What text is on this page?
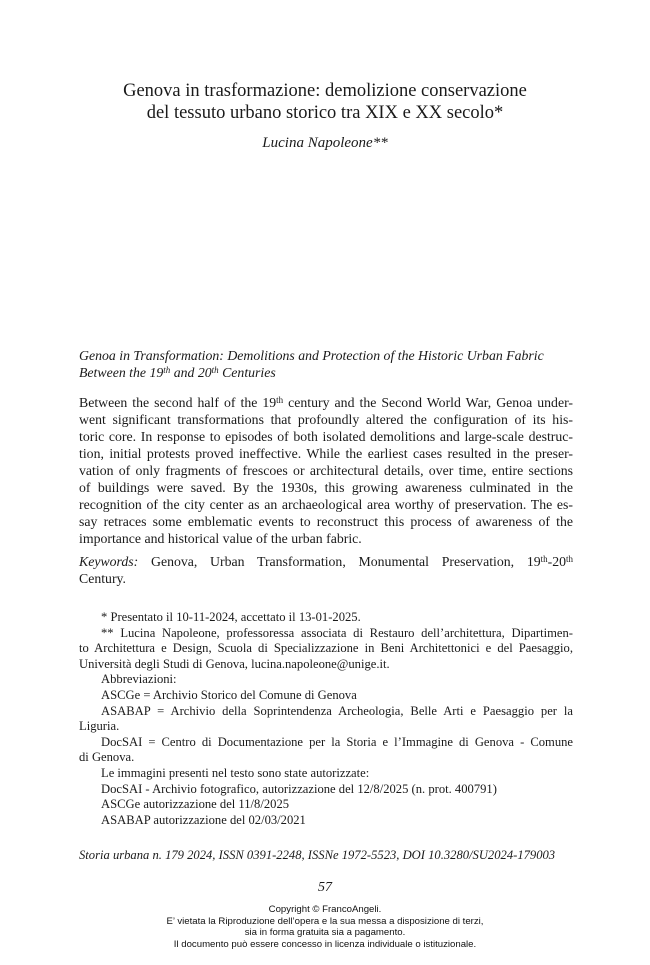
Genova in trasformazione: demolizione conservazione
del tessuto urbano storico tra XIX e XX secolo*
Lucina Napoleone**
Genoa in Transformation: Demolitions and Protection of the Historic Urban Fabric
Between the 19th and 20th Centuries
Between the second half of the 19th century and the Second World War, Genoa under-
went significant transformations that profoundly altered the configuration of its his-
toric core. In response to episodes of both isolated demolitions and large-scale destruc-
tion, initial protests proved ineffective. While the earliest cases resulted in the preser-
vation of only fragments of frescoes or architectural details, over time, entire sections
of buildings were saved. By the 1930s, this growing awareness culminated in the
recognition of the city center as an archaeological area worthy of preservation. The es-
say retraces some emblematic events to reconstruct this process of awareness of the
importance and historical value of the urban fabric.
Keywords: Genova, Urban Transformation, Monumental Preservation, 19th-20th
Century.
* Presentato il 10-11-2024, accettato il 13-01-2025.
** Lucina Napoleone, professoressa associata di Restauro dell’architettura, Dipartimen-
to Architettura e Design, Scuola di Specializzazione in Beni Architettonici e del Paesaggio,
Università degli Studi di Genova, lucina.napoleone@unige.it.
Abbreviazioni:
ASCGe = Archivio Storico del Comune di Genova
ASABAP = Archivio della Soprintendenza Archeologia, Belle Arti e Paesaggio per la
Liguria.
DocSAI = Centro di Documentazione per la Storia e l’Immagine di Genova - Comune
di Genova.
Le immagini presenti nel testo sono state autorizzate:
DocSAI - Archivio fotografico, autorizzazione del 12/8/2025 (n. prot. 400791)
ASCGe autorizzazione del 11/8/2025
ASABAP autorizzazione del 02/03/2021
Storia urbana n. 179 2024, ISSN 0391-2248, ISSNe 1972-5523, DOI 10.3280/SU2024-179003
57
Copyright © FrancoAngeli.
E’ vietata la Riproduzione dell’opera e la sua messa a disposizione di terzi,
sia in forma gratuita sia a pagamento.
Il documento può essere concesso in licenza individuale o istituzionale.
